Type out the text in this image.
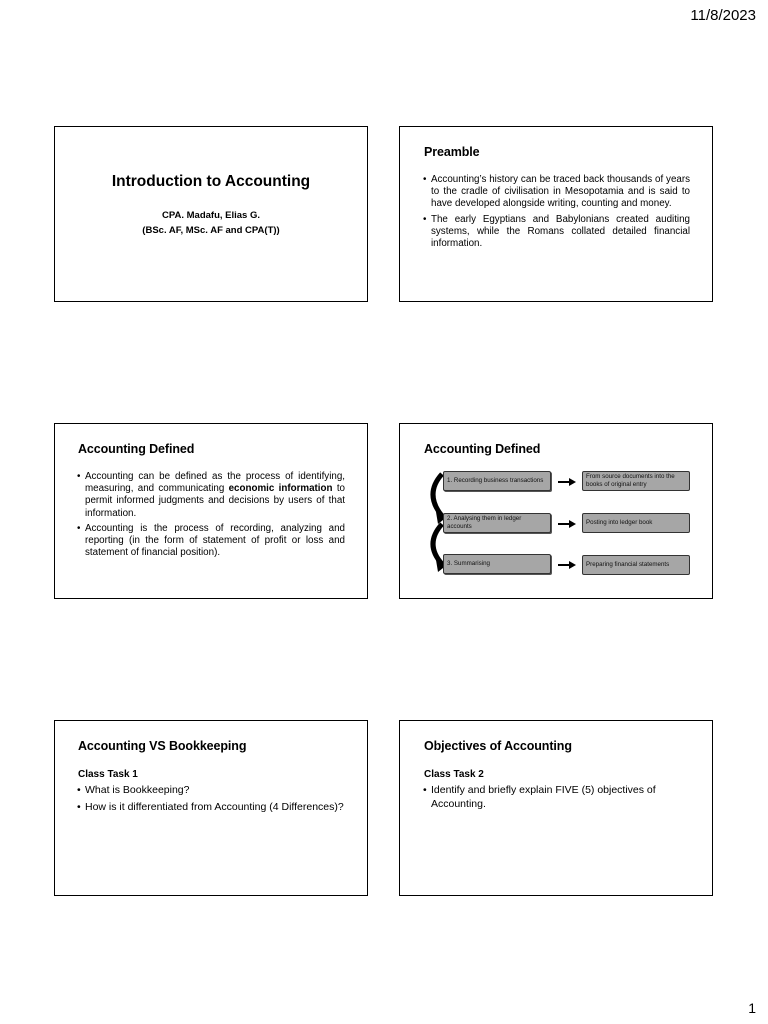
11/8/2023
Introduction to Accounting
CPA. Madafu, Elias G.
(BSc. AF, MSc. AF and CPA(T))
Preamble
• Accounting’s history can be traced back thousands of years to the cradle of civilisation in Mesopotamia and is said to have developed alongside writing, counting and money.
• The early Egyptians and Babylonians created auditing systems, while the Romans collated detailed financial information.
Accounting Defined
• Accounting can be defined as the process of identifying, measuring, and communicating economic information to permit informed judgments and decisions by users of that information.
• Accounting is the process of recording, analyzing and reporting (in the form of statement of profit or loss and statement of financial position).
Accounting Defined
1. Recording business transactions
From source documents into the books of original entry
2. Analysing them in ledger accounts
Posting into ledger book
3. Summarising	Preparing financial statements
Accounting VS Bookkeeping

Class Task 1

• What is Bookkeeping?
• How is it differentiated from Accounting (4 Differences)?
Objectives of Accounting

Class Task 2

• Identify and briefly explain FIVE (5) objectives of Accounting.
1
